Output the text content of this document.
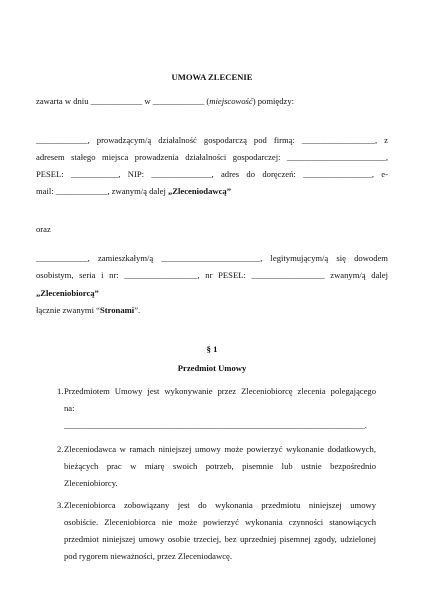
UMOWA ZLECENIE
zawarta w dniu ____________ w ____________ (miejscowość) pomiędzy:
____________, prowadzącym/ą działalność gospodarczą pod firmą: _________________, z
adresem stałego miejsca prowadzenia działalności gospodarczej: _______________________,
PESEL: ___________, NIP: ______________, adres do doręczeń: ________________, e-
mail: ____________, zwanym/ą dalej „Zleceniodawcą”
oraz
____________, zamieszkałym/ą _______________________, legitymującym/ą się dowodem
osobistym, seria i nr: _________________, nr PESEL: _________________ zwanym/ą dalej
„Zleceniobiorcą”
łącznie zwanymi “Stronami”.
§ 1
Przedmiot Umowy
1. Przedmiotem Umowy jest wykonywanie przez Zleceniobiorcę zlecenia polegającego
na:
______________________________________________________________________.
2. Zleceniodawca w ramach niniejszej umowy może powierzyć wykonanie dodatkowych,
bieżących prac w miarę swoich potrzeb, pisemnie lub ustnie bezpośrednio
Zleceniobiorcy.
3. Zleceniobiorca zobowiązany jest do wykonania przedmiotu niniejszej umowy
osobiście. Zleceniobiorca nie może powierzyć wykonania czynności stanowiących
przedmiot niniejszej umowy osobie trzeciej, bez uprzedniej pisemnej zgody, udzielonej
pod rygorem nieważności, przez Zleceniodawcę.
